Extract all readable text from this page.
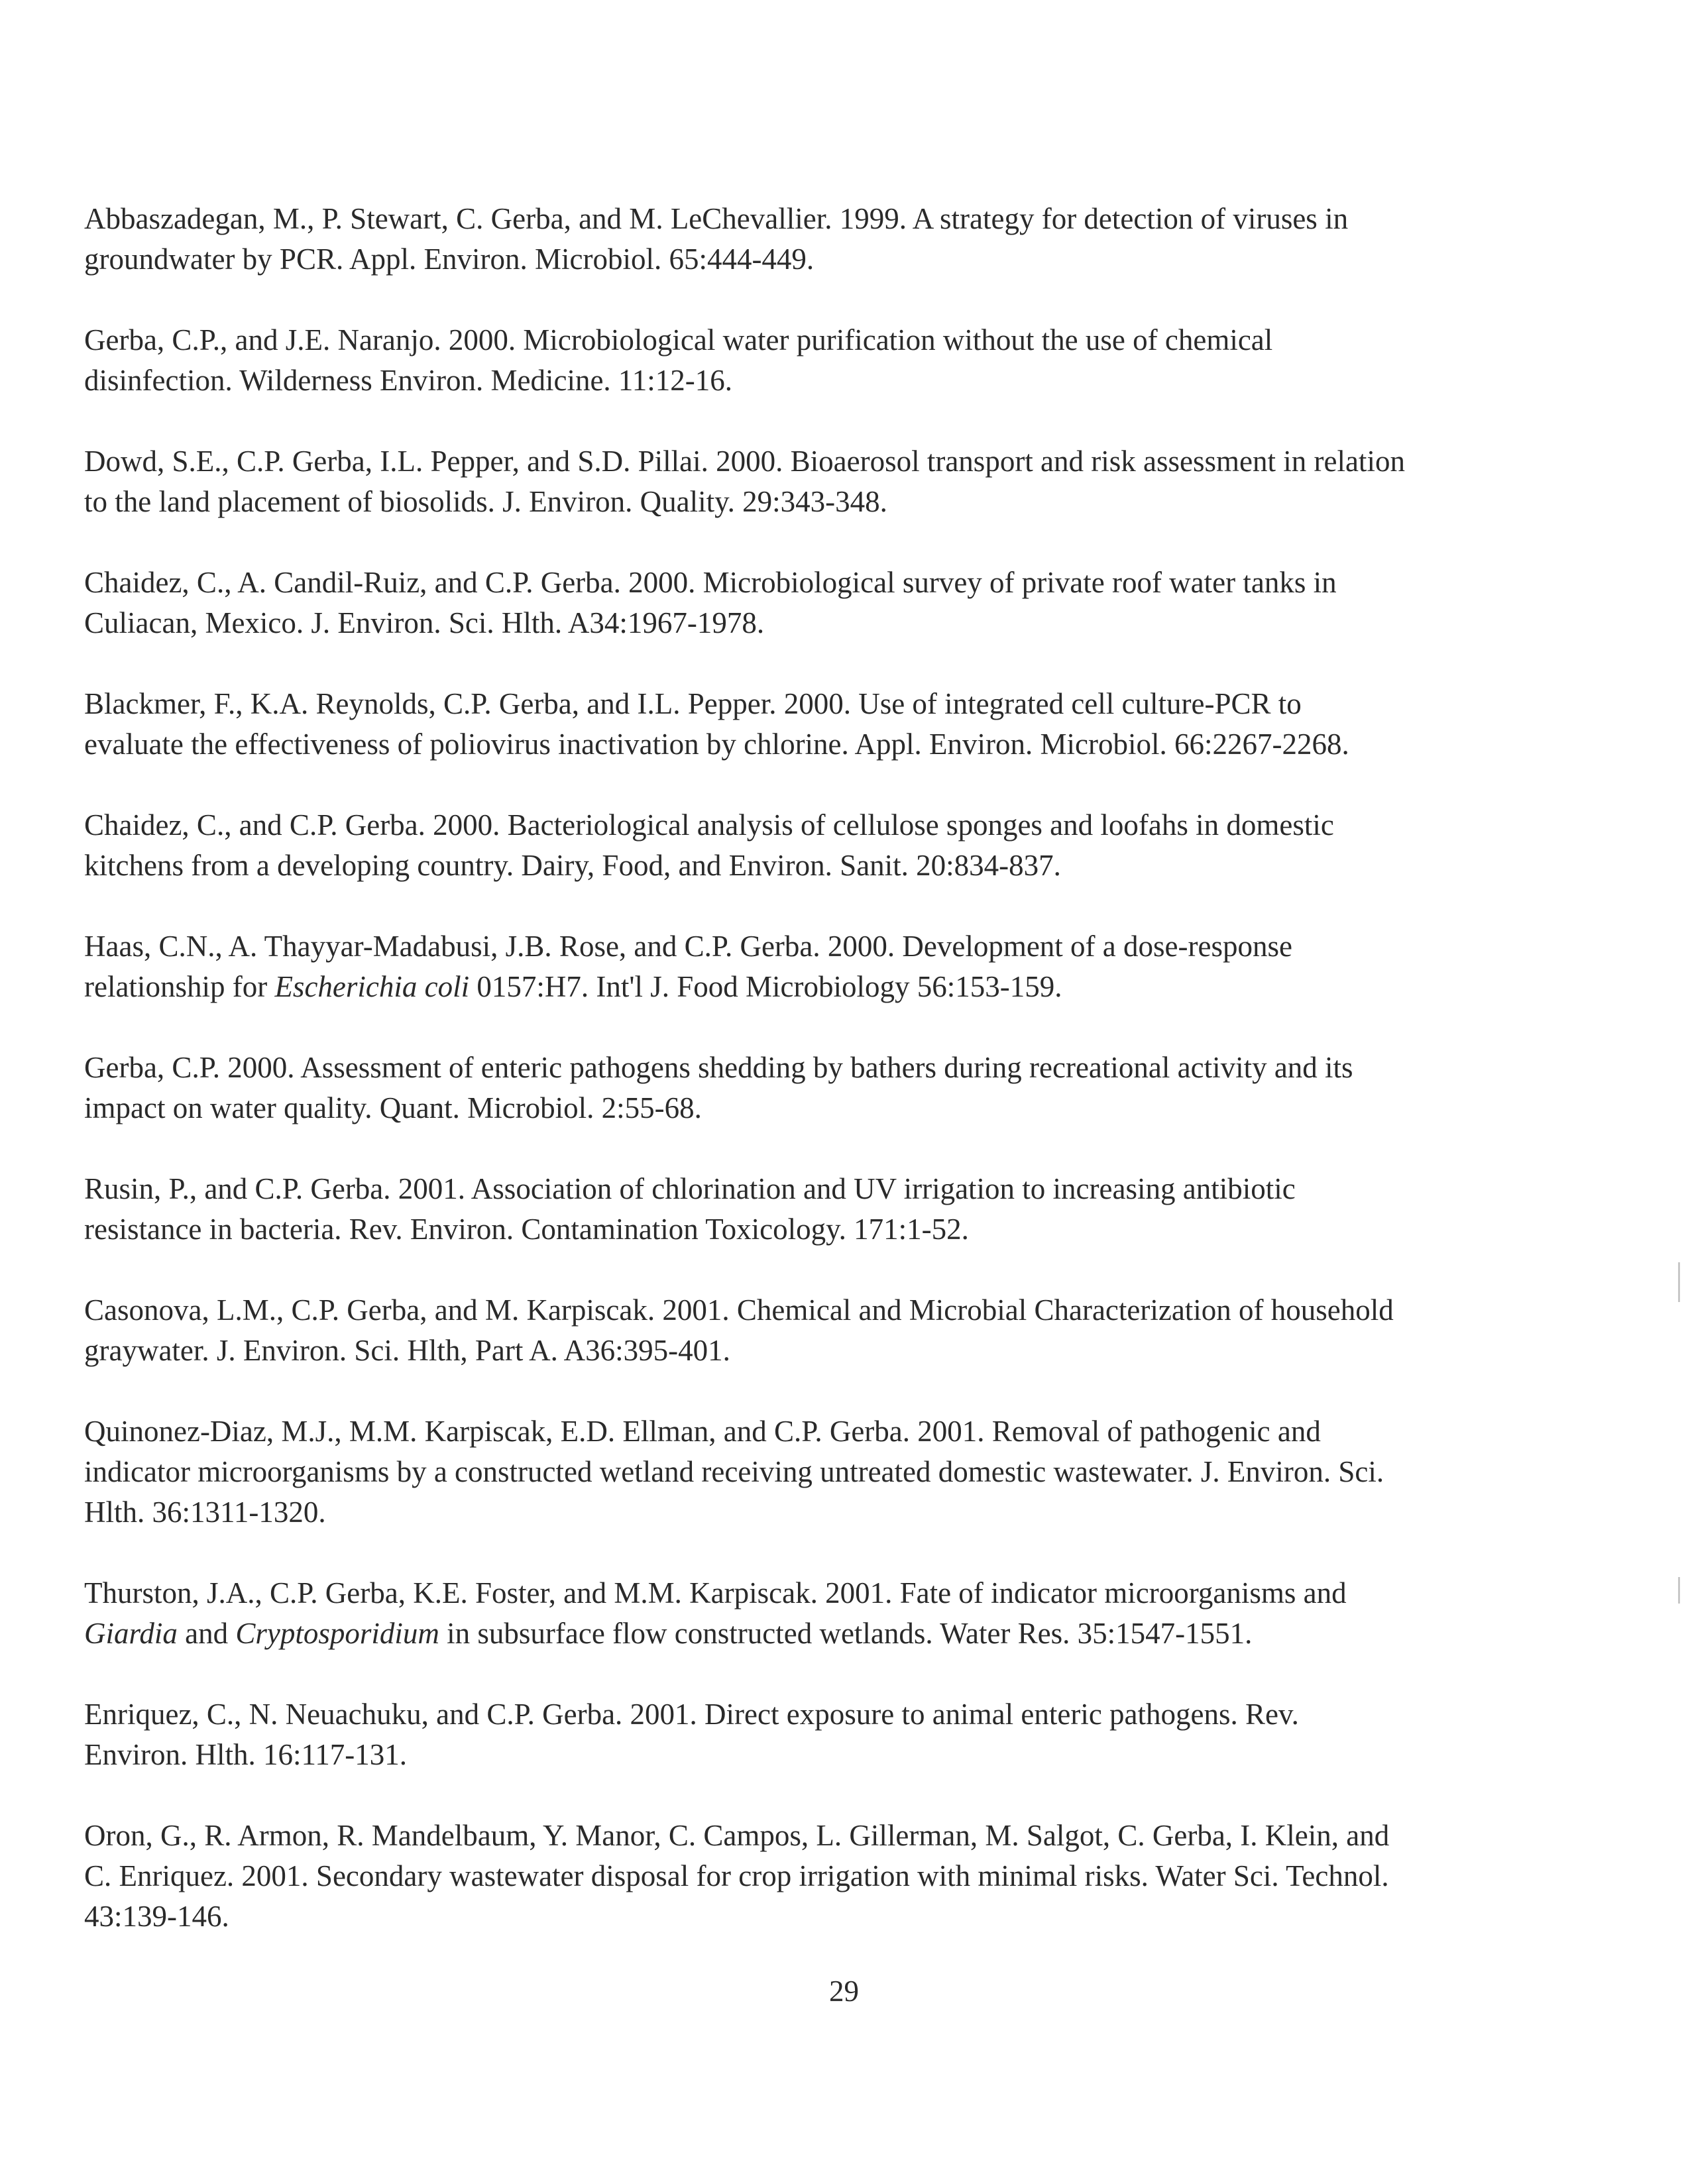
Abbaszadegan, M., P. Stewart, C. Gerba, and M. LeChevallier. 1999. A strategy for detection of viruses in
groundwater by PCR. Appl. Environ. Microbiol. 65:444-449.

Gerba, C.P., and J.E. Naranjo. 2000. Microbiological water purification without the use of chemical
disinfection. Wilderness Environ. Medicine. 11:12-16.

Dowd, S.E., C.P. Gerba, I.L. Pepper, and S.D. Pillai. 2000. Bioaerosol transport and risk assessment in relation
to the land placement of biosolids. J. Environ. Quality. 29:343-348.

Chaidez, C., A. Candil-Ruiz, and C.P. Gerba. 2000. Microbiological survey of private roof water tanks in
Culiacan, Mexico. J. Environ. Sci. Hlth. A34:1967-1978.

Blackmer, F., K.A. Reynolds, C.P. Gerba, and I.L. Pepper. 2000. Use of integrated cell culture-PCR to
evaluate the effectiveness of poliovirus inactivation by chlorine. Appl. Environ. Microbiol. 66:2267-2268.

Chaidez, C., and C.P. Gerba. 2000. Bacteriological analysis of cellulose sponges and loofahs in domestic
kitchens from a developing country. Dairy, Food, and Environ. Sanit. 20:834-837.

Haas, C.N., A. Thayyar-Madabusi, J.B. Rose, and C.P. Gerba. 2000. Development of a dose-response
relationship for Escherichia coli 0157:H7. Int'l J. Food Microbiology 56:153-159.

Gerba, C.P. 2000. Assessment of enteric pathogens shedding by bathers during recreational activity and its
impact on water quality. Quant. Microbiol. 2:55-68.

Rusin, P., and C.P. Gerba. 2001. Association of chlorination and UV irrigation to increasing antibiotic
resistance in bacteria. Rev. Environ. Contamination Toxicology. 171:1-52.

Casonova, L.M., C.P. Gerba, and M. Karpiscak. 2001. Chemical and Microbial Characterization of household
graywater. J. Environ. Sci. Hlth, Part A. A36:395-401.

Quinonez-Diaz, M.J., M.M. Karpiscak, E.D. Ellman, and C.P. Gerba. 2001. Removal of pathogenic and
indicator microorganisms by a constructed wetland receiving untreated domestic wastewater. J. Environ. Sci.
Hlth. 36:1311-1320.

Thurston, J.A., C.P. Gerba, K.E. Foster, and M.M. Karpiscak. 2001. Fate of indicator microorganisms and
Giardia and Cryptosporidium in subsurface flow constructed wetlands. Water Res. 35:1547-1551.

Enriquez, C., N. Neuachuku, and C.P. Gerba. 2001. Direct exposure to animal enteric pathogens. Rev.
Environ. Hlth. 16:117-131.

Oron, G., R. Armon, R. Mandelbaum, Y. Manor, C. Campos, L. Gillerman, M. Salgot, C. Gerba, I. Klein, and
C. Enriquez. 2001. Secondary wastewater disposal for crop irrigation with minimal risks. Water Sci. Technol.
43:139-146.

29
